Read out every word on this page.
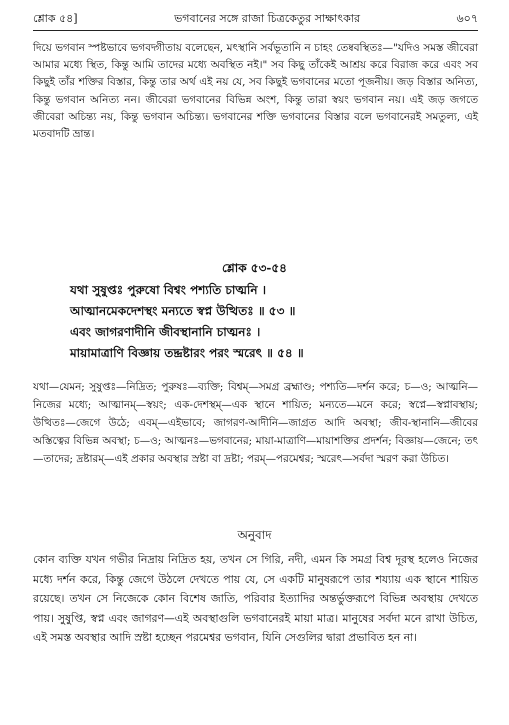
শ্লোক ৫৪]	ভগবানের সঙ্গে রাজা চিত্রকেতুর সাক্ষাৎকার	৬০৭
দিয়ে ভগবান স্পষ্টভাবে ভগবদ্গীতায় বলেছেন, মৎস্থানি সর্বভূতানি ন চাহং তেষ্ববস্থিতঃ—"যদিও সমস্ত জীবেরা আমার মধ্যে স্থিত, কিন্তু আমি তাদের মধ্যে অবস্থিত নই।" সব কিছু তাঁকেই আশ্রয় করে বিরাজ করে এবং সব কিছুই তাঁর শক্তির বিস্তার, কিন্তু তার অর্থ এই নয় যে, সব কিছুই ভগবানের মতো পূজনীয়। জড় বিস্তার অনিত্য, কিন্তু ভগবান অনিত্য নন। জীবেরা ভগবানের বিভিন্ন অংশ, কিন্তু তারা স্বয়ং ভগবান নয়। এই জড় জগতে জীবেরা অচিন্ত্য নয়, কিন্তু ভগবান অচিন্ত্য। ভগবানের শক্তি ভগবানের বিস্তার বলে ভগবানেরই সমতুল্য, এই মতবাদটি ভ্রান্ত।
শ্লোক ৫৩-৫৪
যথা সুষুপ্তঃ পুরুষো বিশ্বং পশ্যতি চাত্মনি ।
আত্মানমেকদেশস্থং মন্যতে স্বপ্ন উত্থিতঃ ॥ ৫৩ ॥
এবং জাগরণাদীনি জীবস্থানানি চাত্মনঃ ।
মায়ামাত্রাণি বিজ্ঞায় তদ্দ্রষ্টারং পরং স্মরেৎ ॥ ৫৪ ॥
যথা—যেমন; সুষুপ্তঃ—নিদ্রিত; পুরুষঃ—ব্যক্তি; বিশ্বম্—সমগ্র ব্রহ্মাণ্ড; পশ্যতি—দর্শন করে; চ—ও; আত্মনি—নিজের মধ্যে; আত্মানম্—স্বয়ং; এক-দেশস্থম্—এক স্থানে শায়িত; মন্যতে—মনে করে; স্বপ্নে—স্বপ্নাবস্থায়; উত্থিতঃ—জেগে উঠে; এবম্—এইভাবে; জাগরণ-আদীনি—জাগ্রত আদি অবস্থা; জীব-স্থানানি—জীবের অস্তিত্বের বিভিন্ন অবস্থা; চ—ও; আত্মনঃ—ভগবানের; মায়া-মাত্রাণি—মায়াশক্তির প্রদর্শন; বিজ্ঞায়—জেনে; তৎ—তাদের; দ্রষ্টারম্—এই প্রকার অবস্থার স্রষ্টা বা দ্রষ্টা; পরম্—পরমেশ্বর; স্মরেৎ—সর্বদা স্মরণ করা উচিত।
অনুবাদ
কোন ব্যক্তি যখন গভীর নিদ্রায় নিদ্রিত হয়, তখন সে গিরি, নদী, এমন কি সমগ্র বিশ্ব দূরস্থ হলেও নিজের মধ্যে দর্শন করে, কিন্তু জেগে উঠলে দেখতে পায় যে, সে একটি মানুষরূপে তার শয্যায় এক স্থানে শায়িত রয়েছে। তখন সে নিজেকে কোন বিশেষ জাতি, পরিবার ইত্যাদির অন্তর্ভুক্তরূপে বিভিন্ন অবস্থায় দেখতে পায়। সুষুপ্তি, স্বপ্ন এবং জাগরণ—এই অবস্থাগুলি ভগবানেরই মায়া মাত্র। মানুষের সর্বদা মনে রাখা উচিত, এই সমস্ত অবস্থার আদি স্রষ্টা হচ্ছেন পরমেশ্বর ভগবান, যিনি সেগুলির দ্বারা প্রভাবিত হন না।
